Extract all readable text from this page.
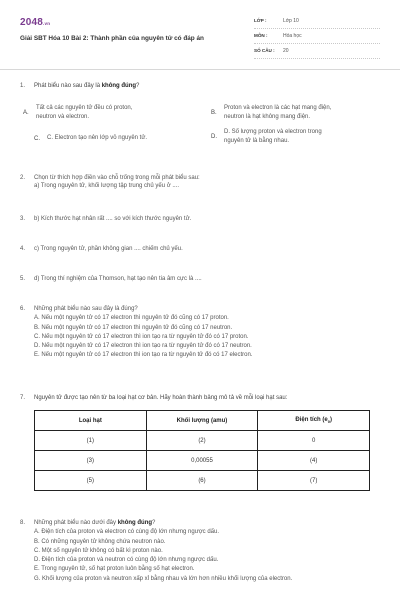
2048.vn
Giải SBT Hóa 10 Bài 2: Thành phần của nguyên tử có đáp án
LỚP :	Lớp 10
MÔN :	Hóa học
SỐ CÂU :	20
1. Phát biểu nào sau đây là không đúng?
A.
Tất cả các nguyên tử đều có proton,
neutron và electron.
B.
Proton và electron là các hạt mang điện,
neutron là hạt không mang điện.
C.	C. Electron tạo nên lớp vỏ nguyên tử.	D.
D. Số lượng proton và electron trong
nguyên tử là bằng nhau.
2. Chọn từ thích hợp điền vào chỗ trống trong mỗi phát biểu sau:
a) Trong nguyên tử, khối lượng tập trung chủ yếu ở ....
3. b) Kích thước hạt nhân rất .... so với kích thước nguyên tử.
4. c) Trong nguyên tử, phần không gian .... chiếm chủ yếu.
5. d) Trong thí nghiệm của Thomson, hạt tạo nên tia âm cực là ....
6. Những phát biểu nào sau đây là đúng?
A. Nếu một nguyên tử có 17 electron thì nguyên tử đó cũng có 17 proton.
B. Nếu một nguyên tử có 17 electron thì nguyên tử đó cũng có 17 neutron.
C. Nếu một nguyên tử có 17 electron thì ion tạo ra từ nguyên tử đó có 17 proton.
D. Nếu một nguyên tử có 17 electron thì ion tạo ra từ nguyên tử đó có 17 neutron.
E. Nếu một nguyên tử có 17 electron thì ion tạo ra từ nguyên tử đó có 17 electron.
7. Nguyên tử được tạo nên từ ba loại hạt cơ bản. Hãy hoàn thành bảng mô tả về mỗi loại hạt sau:
Loại hạt	Khối lượng (amu)	Điện tích $(e_0)$
(1)	(2)	0
(3)	0,00055	(4)
(5)	(6)	(7)
8. Những phát biểu nào dưới đây không đúng?
A. Điện tích của proton và electron có cùng độ lớn nhưng ngược dấu.
B. Có những nguyên tử không chứa neutron nào.
C. Một số nguyên tử không có bất kì proton nào.
D. Điện tích của proton và neutron có cùng độ lớn nhưng ngược dấu.
E. Trong nguyên tử, số hạt proton luôn bằng số hạt electron.
G. Khối lượng của proton và neutron xấp xỉ bằng nhau và lớn hơn nhiều khối lượng của electron.
